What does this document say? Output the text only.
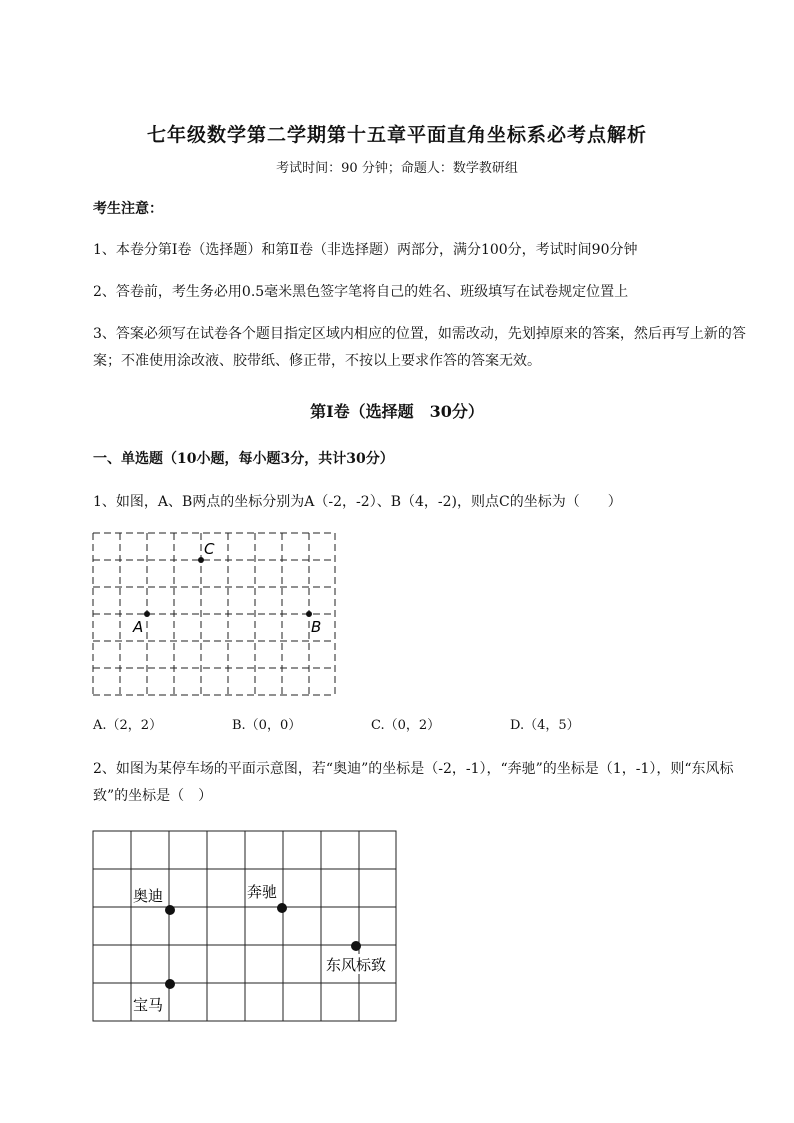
七年级数学第二学期第十五章平面直角坐标系必考点解析
考试时间：90 分钟；命题人：数学教研组
考生注意：
1、本卷分第Ⅰ卷（选择题）和第Ⅱ卷（非选择题）两部分，满分100分，考试时间90分钟
2、答卷前，考生务必用0.5毫米黑色签字笔将自己的姓名、班级填写在试卷规定位置上
3、答案必须写在试卷各个题目指定区域内相应的位置，如需改动，先划掉原来的答案，然后再写上新的答案；不准使用涂改液、胶带纸、修正带，不按以上要求作答的答案无效。
第Ⅰ卷（选择题　30分）
一、单选题（10小题，每小题3分，共计30分）
1、如图，A、B两点的坐标分别为A（-2，-2）、B（4，-2)，则点C的坐标为（　　）
C
A	B
A.（2，2）	B.（0，0）	C.（0，2）	D.（4，5）
2、如图为某停车场的平面示意图，若“奥迪”的坐标是（-2，-1），“奔驰”的坐标是（1，-1），则“东风标致”的坐标是（　）
奥迪	奔驰
东风标致
宝马
